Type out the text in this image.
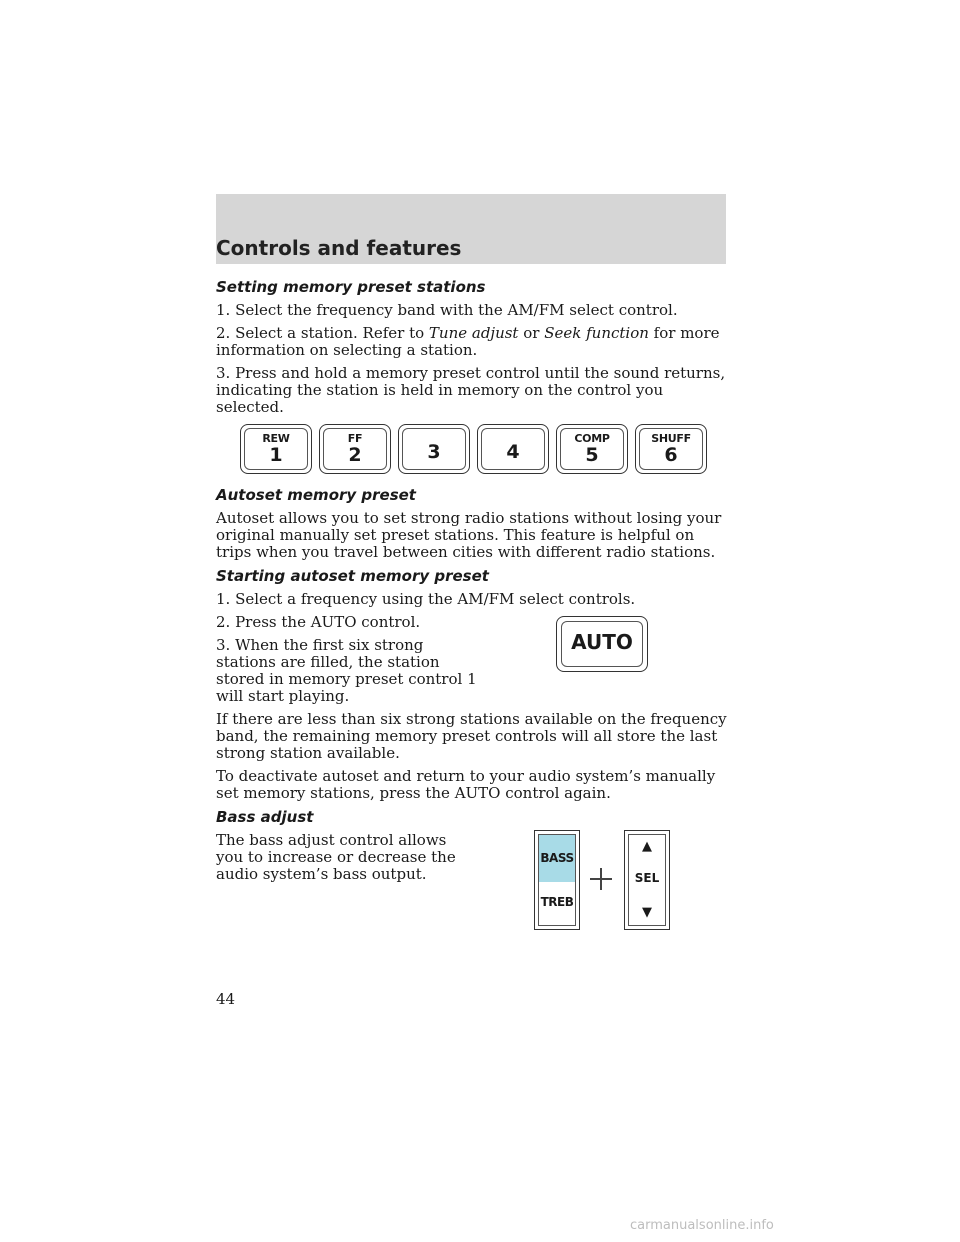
Controls and features
Setting memory preset stations

1. Select the frequency band with the AM/FM select control.

2. Select a station. Refer to Tune adjust or Seek function for more information on selecting a station.

3. Press and hold a memory preset control until the sound returns, indicating the station is held in memory on the control you selected.

REW
1
FF
2	3	4
COMP
5
SHUFF
6
Autoset memory preset

Autoset allows you to set strong radio stations without losing your original manually set preset stations. This feature is helpful on trips when you travel between cities with different radio stations.

Starting autoset memory preset

1. Select a frequency using the AM/FM select controls.

AUTO

2. Press the AUTO control.

3. When the first six strong stations are filled, the station stored in memory preset control 1 will start playing.

If there are less than six strong stations available on the frequency band, the remaining memory preset controls will all store the last strong station available.

To deactivate autoset and return to your audio system’s manually set memory stations, press the AUTO control again.

Bass adjust

The bass adjust control allows you to increase or decrease the audio system’s bass output.

BASS
TREB
▲
SEL
▼
44
carmanualsonline.info
